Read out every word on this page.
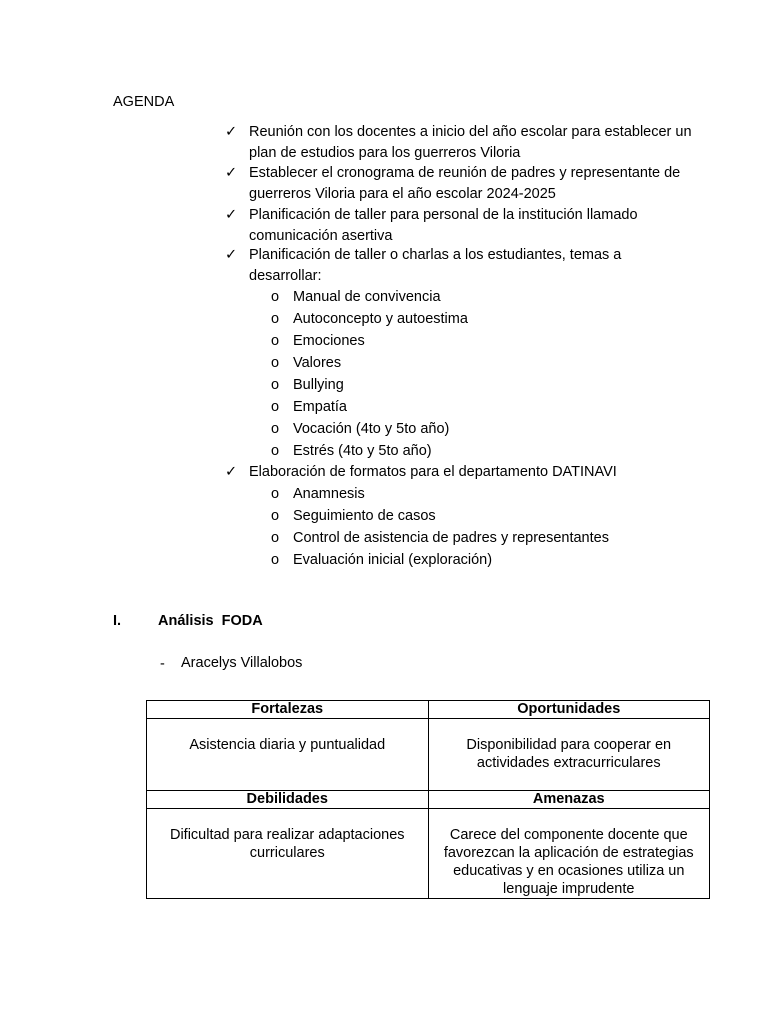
AGENDA
✓ Reunión con los docentes a inicio del año escolar para establecer un plan de estudios para los guerreros Viloria
✓ Establecer el cronograma de reunión de padres y representante de guerreros Viloria para el año escolar 2024-2025
✓ Planificación de taller para personal de la institución llamado comunicación asertiva
✓ Planificación de taller o charlas a los estudiantes, temas a desarrollar:
o Manual de convivencia
o Autoconcepto y autoestima
o Emociones
o Valores
o Bullying
o Empatía
o Vocación (4to y 5to año)
o Estrés (4to y 5to año)
✓ Elaboración de formatos para el departamento DATINAVI
o Anamnesis
o Seguimiento de casos
o Control de asistencia de padres y representantes
o Evaluación inicial (exploración)
I.	Análisis  FODA
- Aracelys Villalobos
Fortalezas	Oportunidades
Asistencia diaria y puntualidad	Disponibilidad para cooperar en actividades extracurriculares
Debilidades	Amenazas
Dificultad para realizar adaptaciones curriculares	Carece del componente docente que favorezcan la aplicación de estrategias educativas y en ocasiones utiliza un lenguaje imprudente
